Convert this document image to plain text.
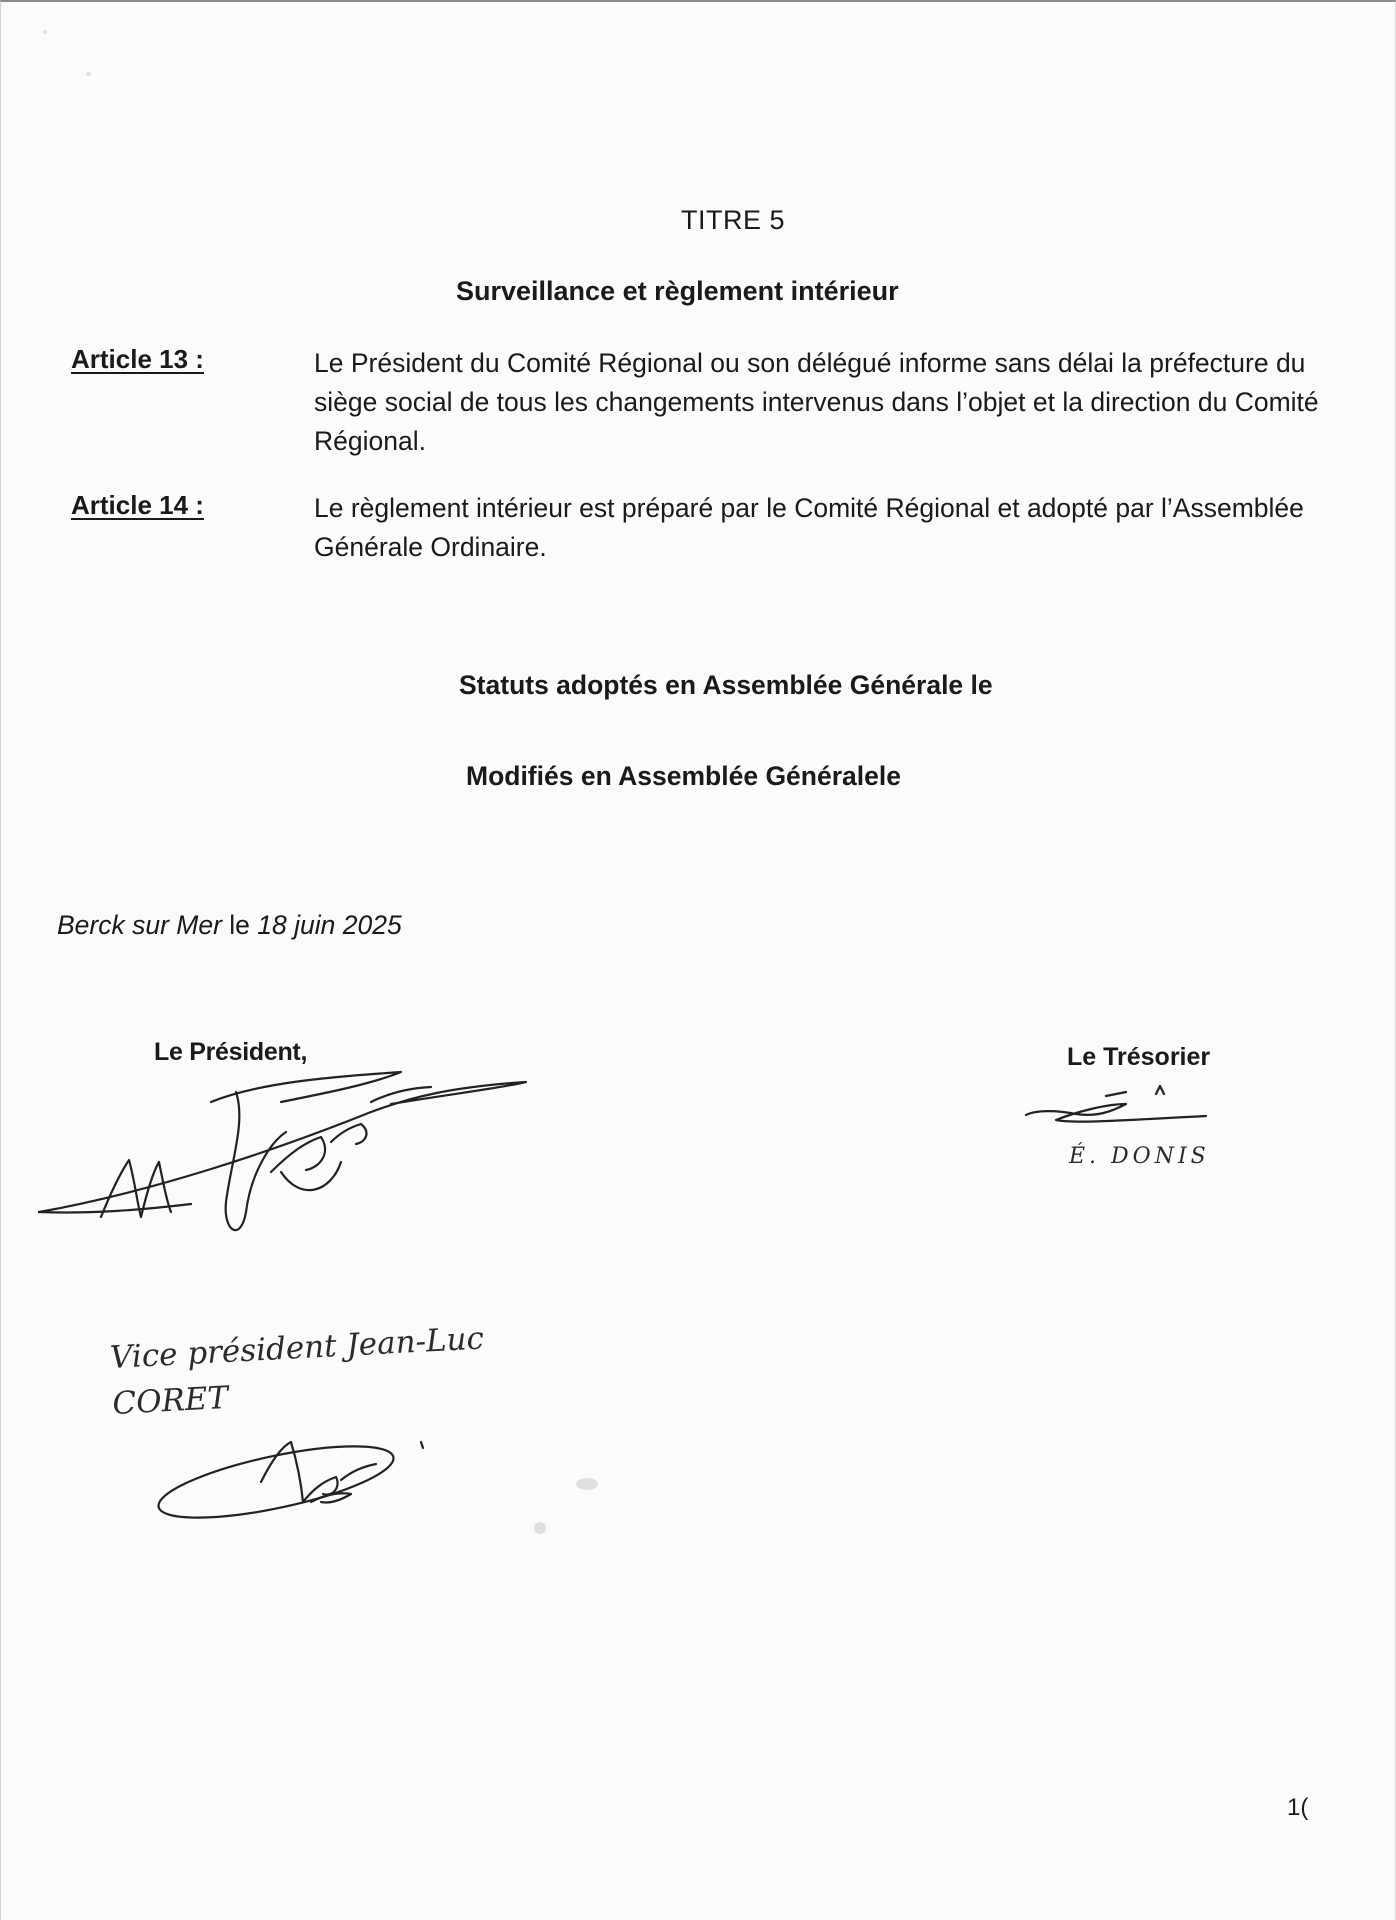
TITRE 5
Surveillance et règlement intérieur
Article 13 :	Le Président du Comité Régional ou son délégué informe sans délai la préfecture du siège social de tous les changements intervenus dans l’objet et la direction du Comité Régional.
Article 14 :	Le règlement intérieur est préparé par le Comité Régional et adopté par l’Assemblée Générale Ordinaire.
Statuts adoptés en Assemblée Générale le
Modifiés en Assemblée Généralele
Berck sur Mer le 18 juin 2025
Le Président,	Le Trésorier
É. DONIS
Vice président Jean-Luc CORET
1(
